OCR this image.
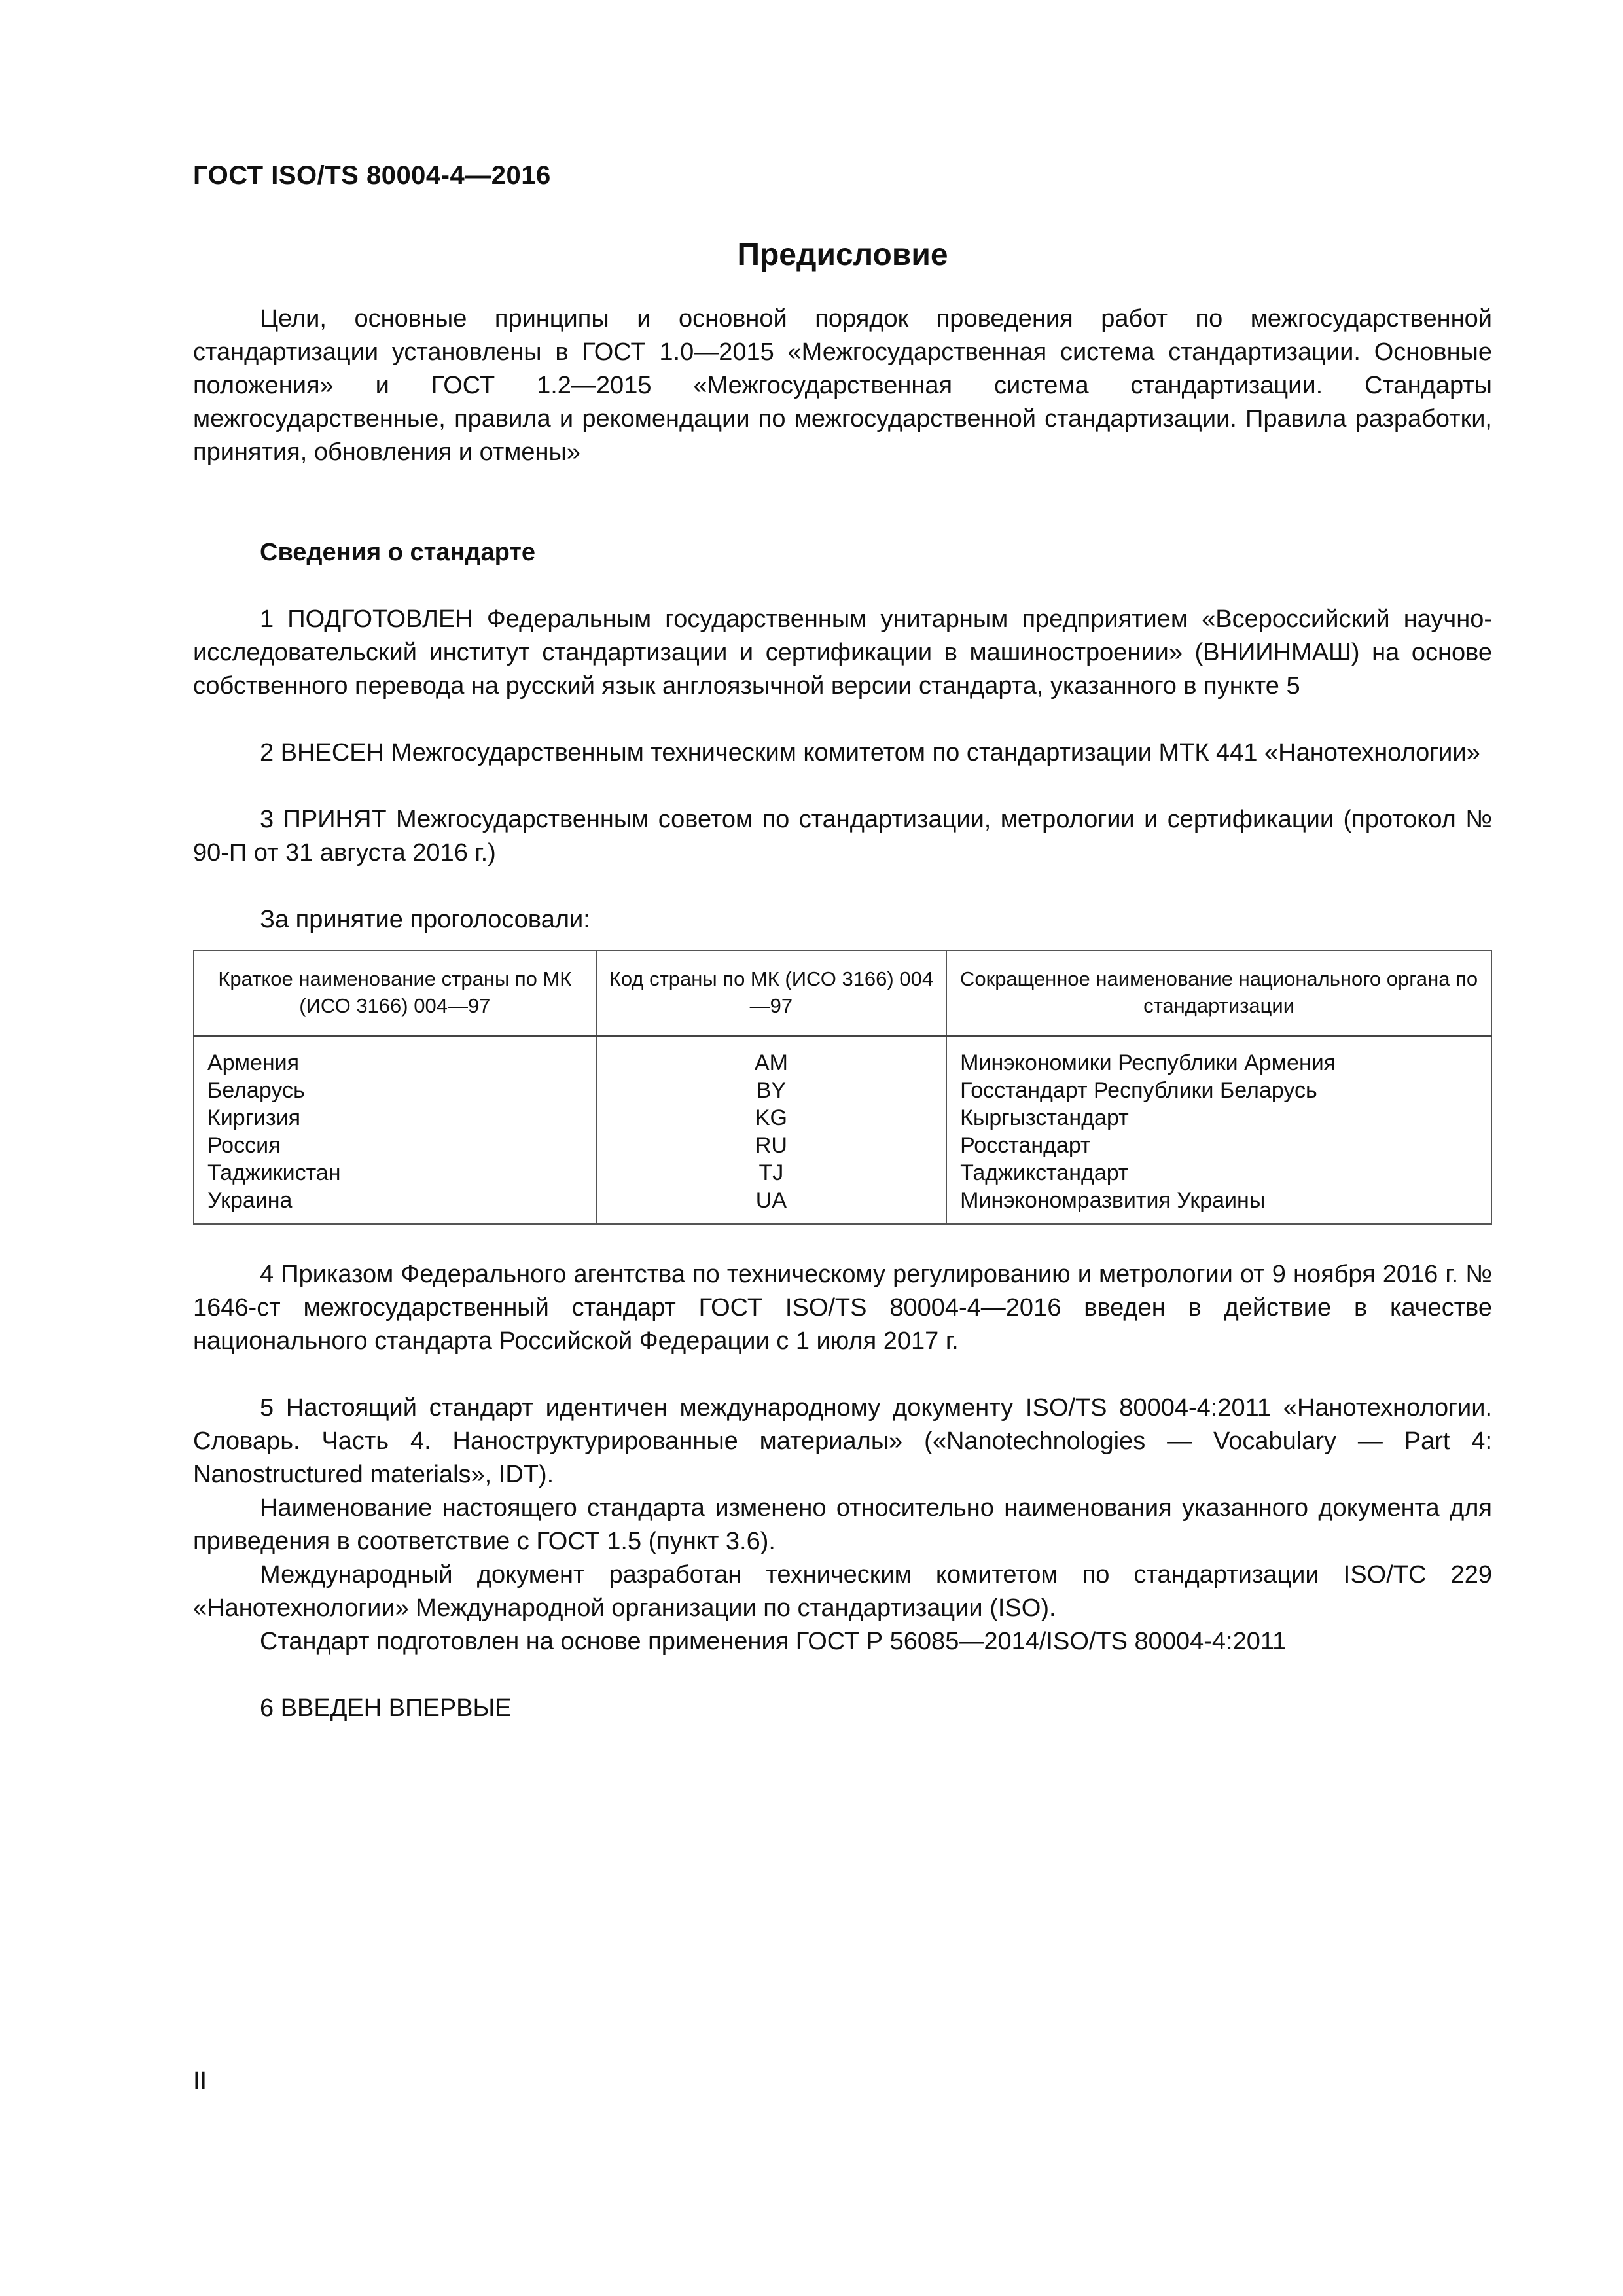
ГОСТ ISO/TS 80004-4—2016
Предисловие

Цели, основные принципы и основной порядок проведения работ по межгосударственной стандартизации установлены в ГОСТ 1.0—2015 «Межгосударственная система стандартизации. Основные положения» и ГОСТ 1.2—2015 «Межгосударственная система стандартизации. Стандарты межгосударственные, правила и рекомендации по межгосударственной стандартизации. Правила разработки, принятия, обновления и отмены»

Сведения о стандарте

1 ПОДГОТОВЛЕН Федеральным государственным унитарным предприятием «Всероссийский научно-исследовательский институт стандартизации и сертификации в машиностроении» (ВНИИНМАШ) на основе собственного перевода на русский язык англоязычной версии стандарта, указанного в пункте 5

2 ВНЕСЕН Межгосударственным техническим комитетом по стандартизации МТК 441 «Нанотехнологии»

3 ПРИНЯТ Межгосударственным советом по стандартизации, метрологии и сертификации (протокол № 90-П от 31 августа 2016 г.)

За принятие проголосовали:

Краткое наименование страны по МК (ИСО 3166) 004—97	Код страны по МК (ИСО 3166) 004—97	Сокращенное наименование национального органа по стандартизации
Армения	AM	Минэкономики Республики Армения
Беларусь	BY	Госстандарт Республики Беларусь
Киргизия	KG	Кыргызстандарт
Россия	RU	Росстандарт
Таджикистан	TJ	Таджикстандарт
Украина	UA	Минэкономразвития Украины

4 Приказом Федерального агентства по техническому регулированию и метрологии от 9 ноября 2016 г. № 1646-ст межгосударственный стандарт ГОСТ ISO/TS 80004-4—2016 введен в действие в качестве национального стандарта Российской Федерации с 1 июля 2017 г.

5 Настоящий стандарт идентичен международному документу ISO/TS 80004-4:2011 «Нанотехнологии. Словарь. Часть 4. Наноструктурированные материалы» («Nanotechnologies — Vocabulary — Part 4: Nanostructured materials», IDT).

Наименование настоящего стандарта изменено относительно наименования указанного документа для приведения в соответствие с ГОСТ 1.5 (пункт 3.6).

Международный документ разработан техническим комитетом по стандартизации ISO/TC 229 «Нанотехнологии» Международной организации по стандартизации (ISO).

Стандарт подготовлен на основе применения ГОСТ Р 56085—2014/ISO/TS 80004-4:2011

6 ВВЕДЕН ВПЕРВЫЕ

II
